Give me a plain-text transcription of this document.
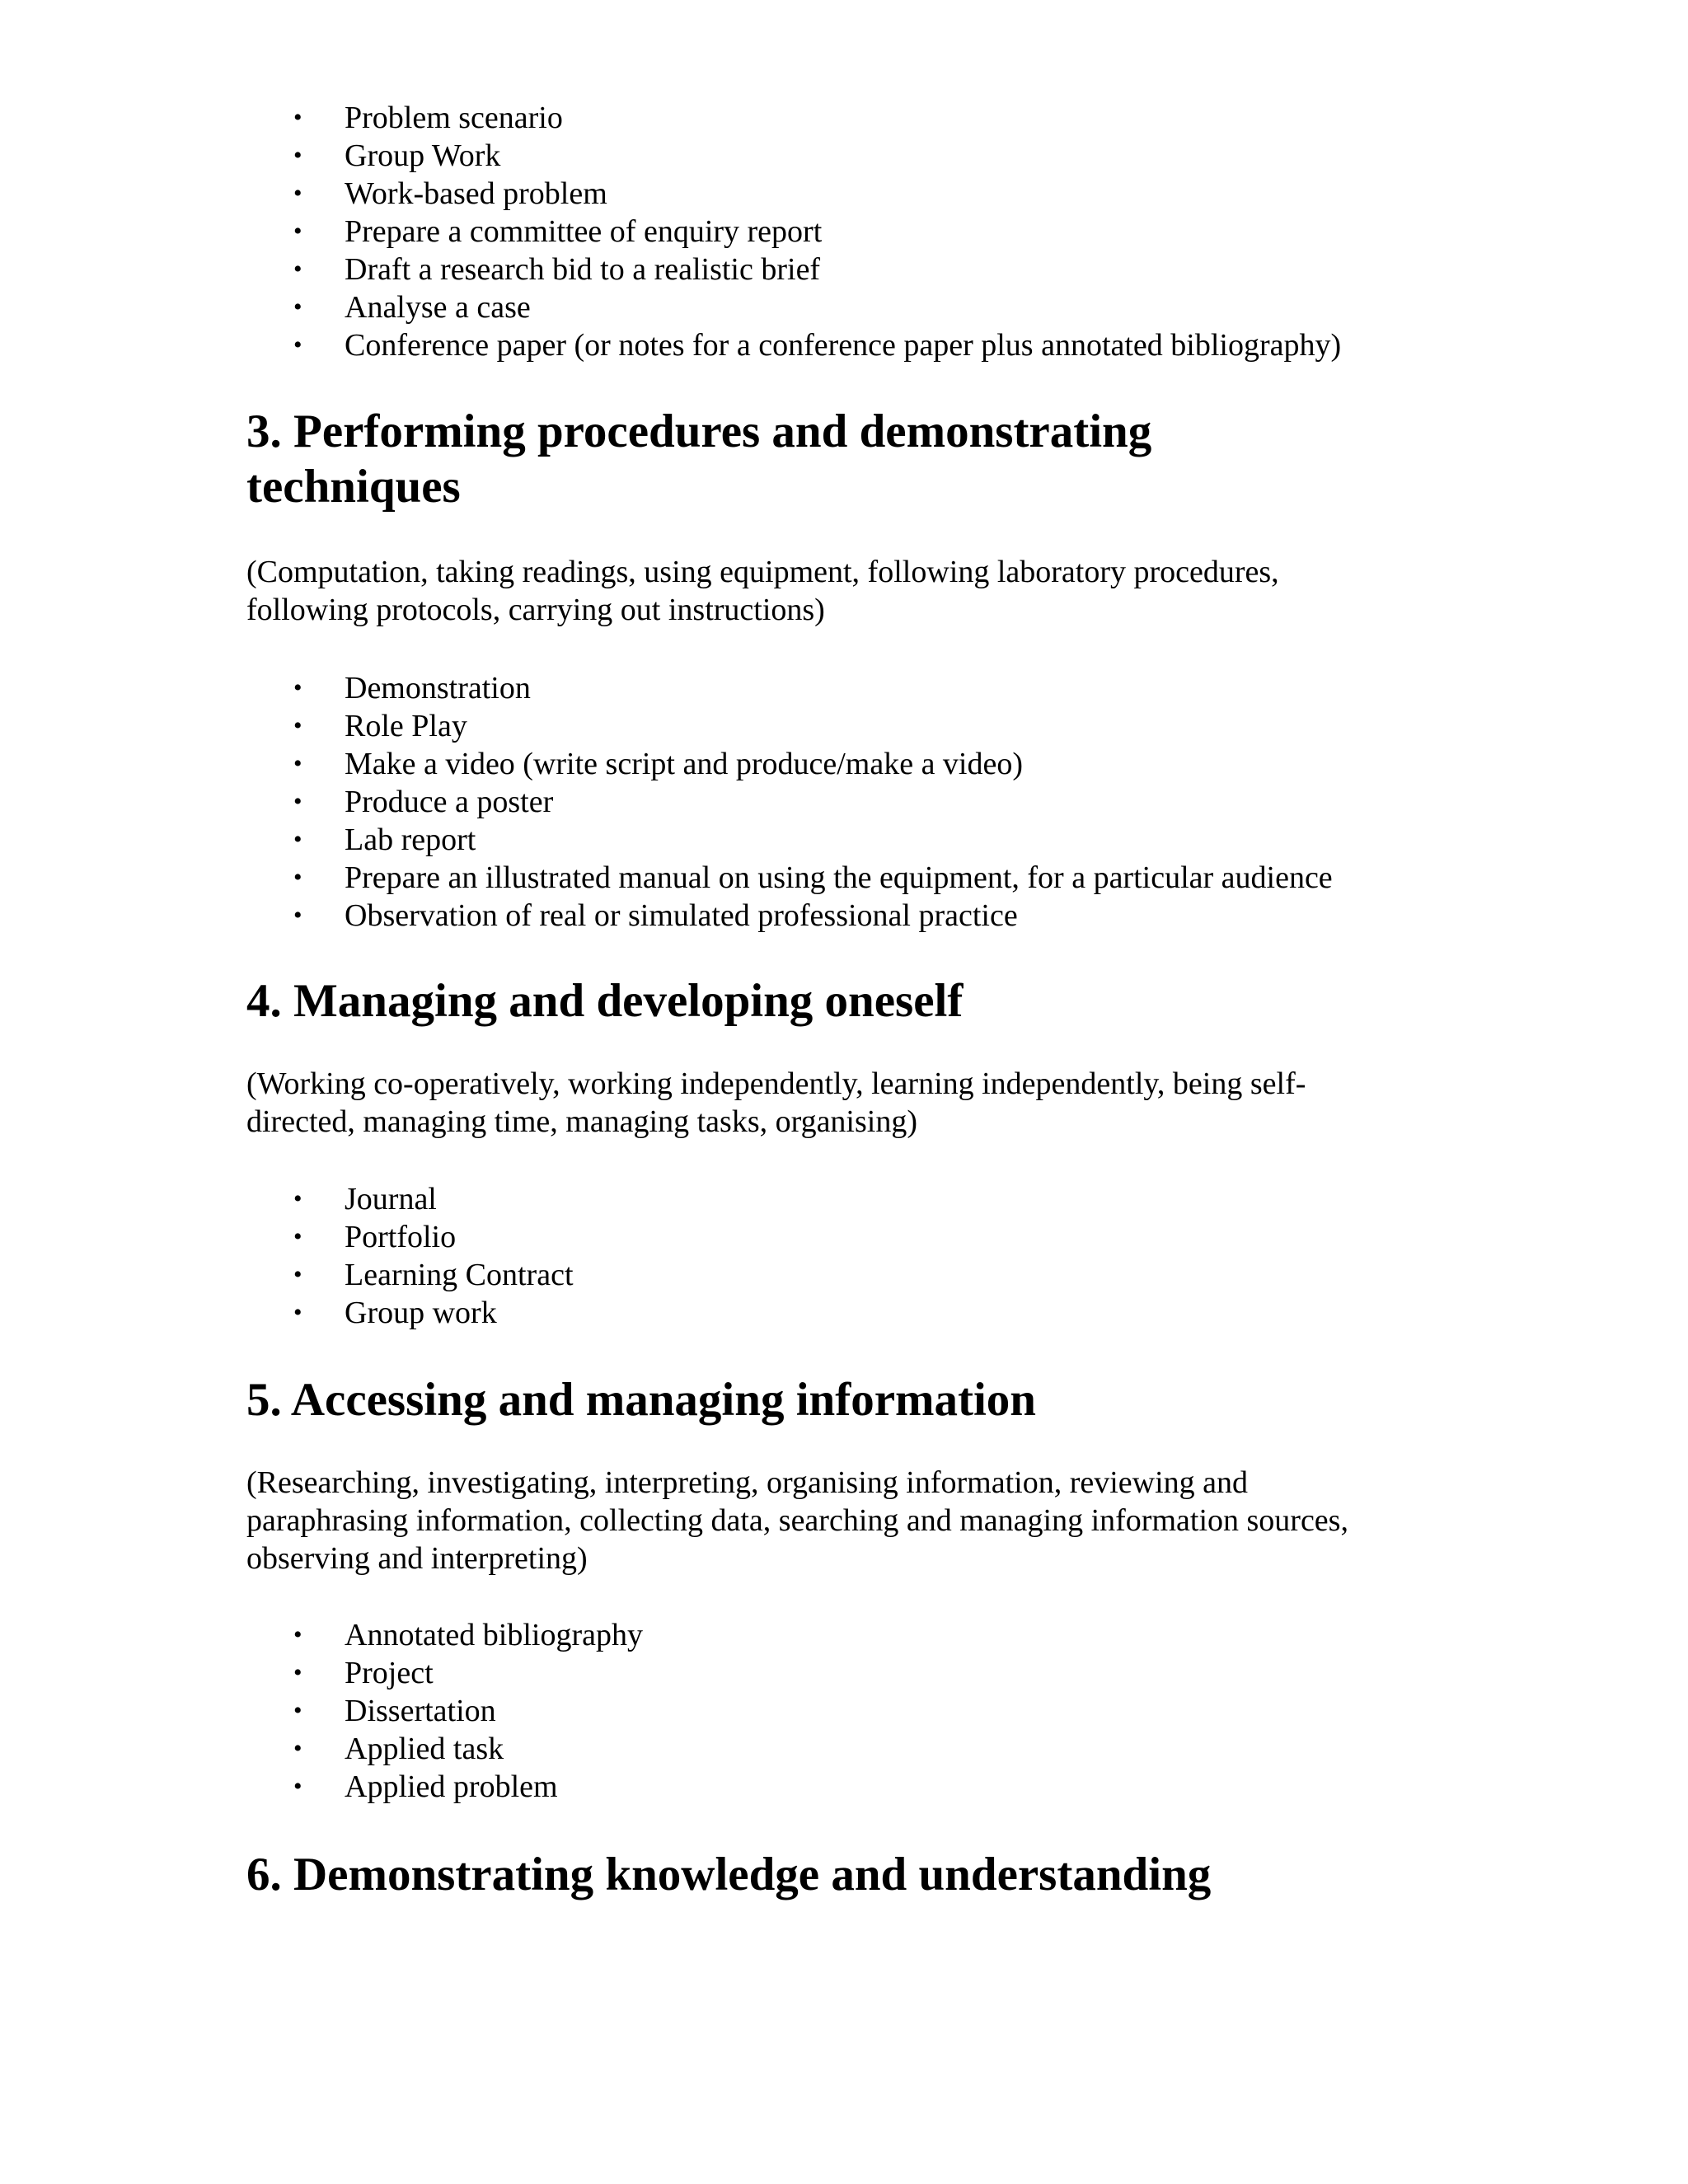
• Problem scenario
• Group Work
• Work-based problem
• Prepare a committee of enquiry report
• Draft a research bid to a realistic brief
• Analyse a case
• Conference paper (or notes for a conference paper plus annotated bibliography)
3. Performing procedures and demonstrating
techniques

(Computation, taking readings, using equipment, following laboratory procedures,
following protocols, carrying out instructions)

• Demonstration
• Role Play
• Make a video (write script and produce/make a video)
• Produce a poster
• Lab report
• Prepare an illustrated manual on using the equipment, for a particular audience
• Observation of real or simulated professional practice
4. Managing and developing oneself

(Working co-operatively, working independently, learning independently, being self-
directed, managing time, managing tasks, organising)

• Journal
• Portfolio
• Learning Contract
• Group work
5. Accessing and managing information

(Researching, investigating, interpreting, organising information, reviewing and
paraphrasing information, collecting data, searching and managing information sources,
observing and interpreting)

• Annotated bibliography
• Project
• Dissertation
• Applied task
• Applied problem
6. Demonstrating knowledge and understanding
